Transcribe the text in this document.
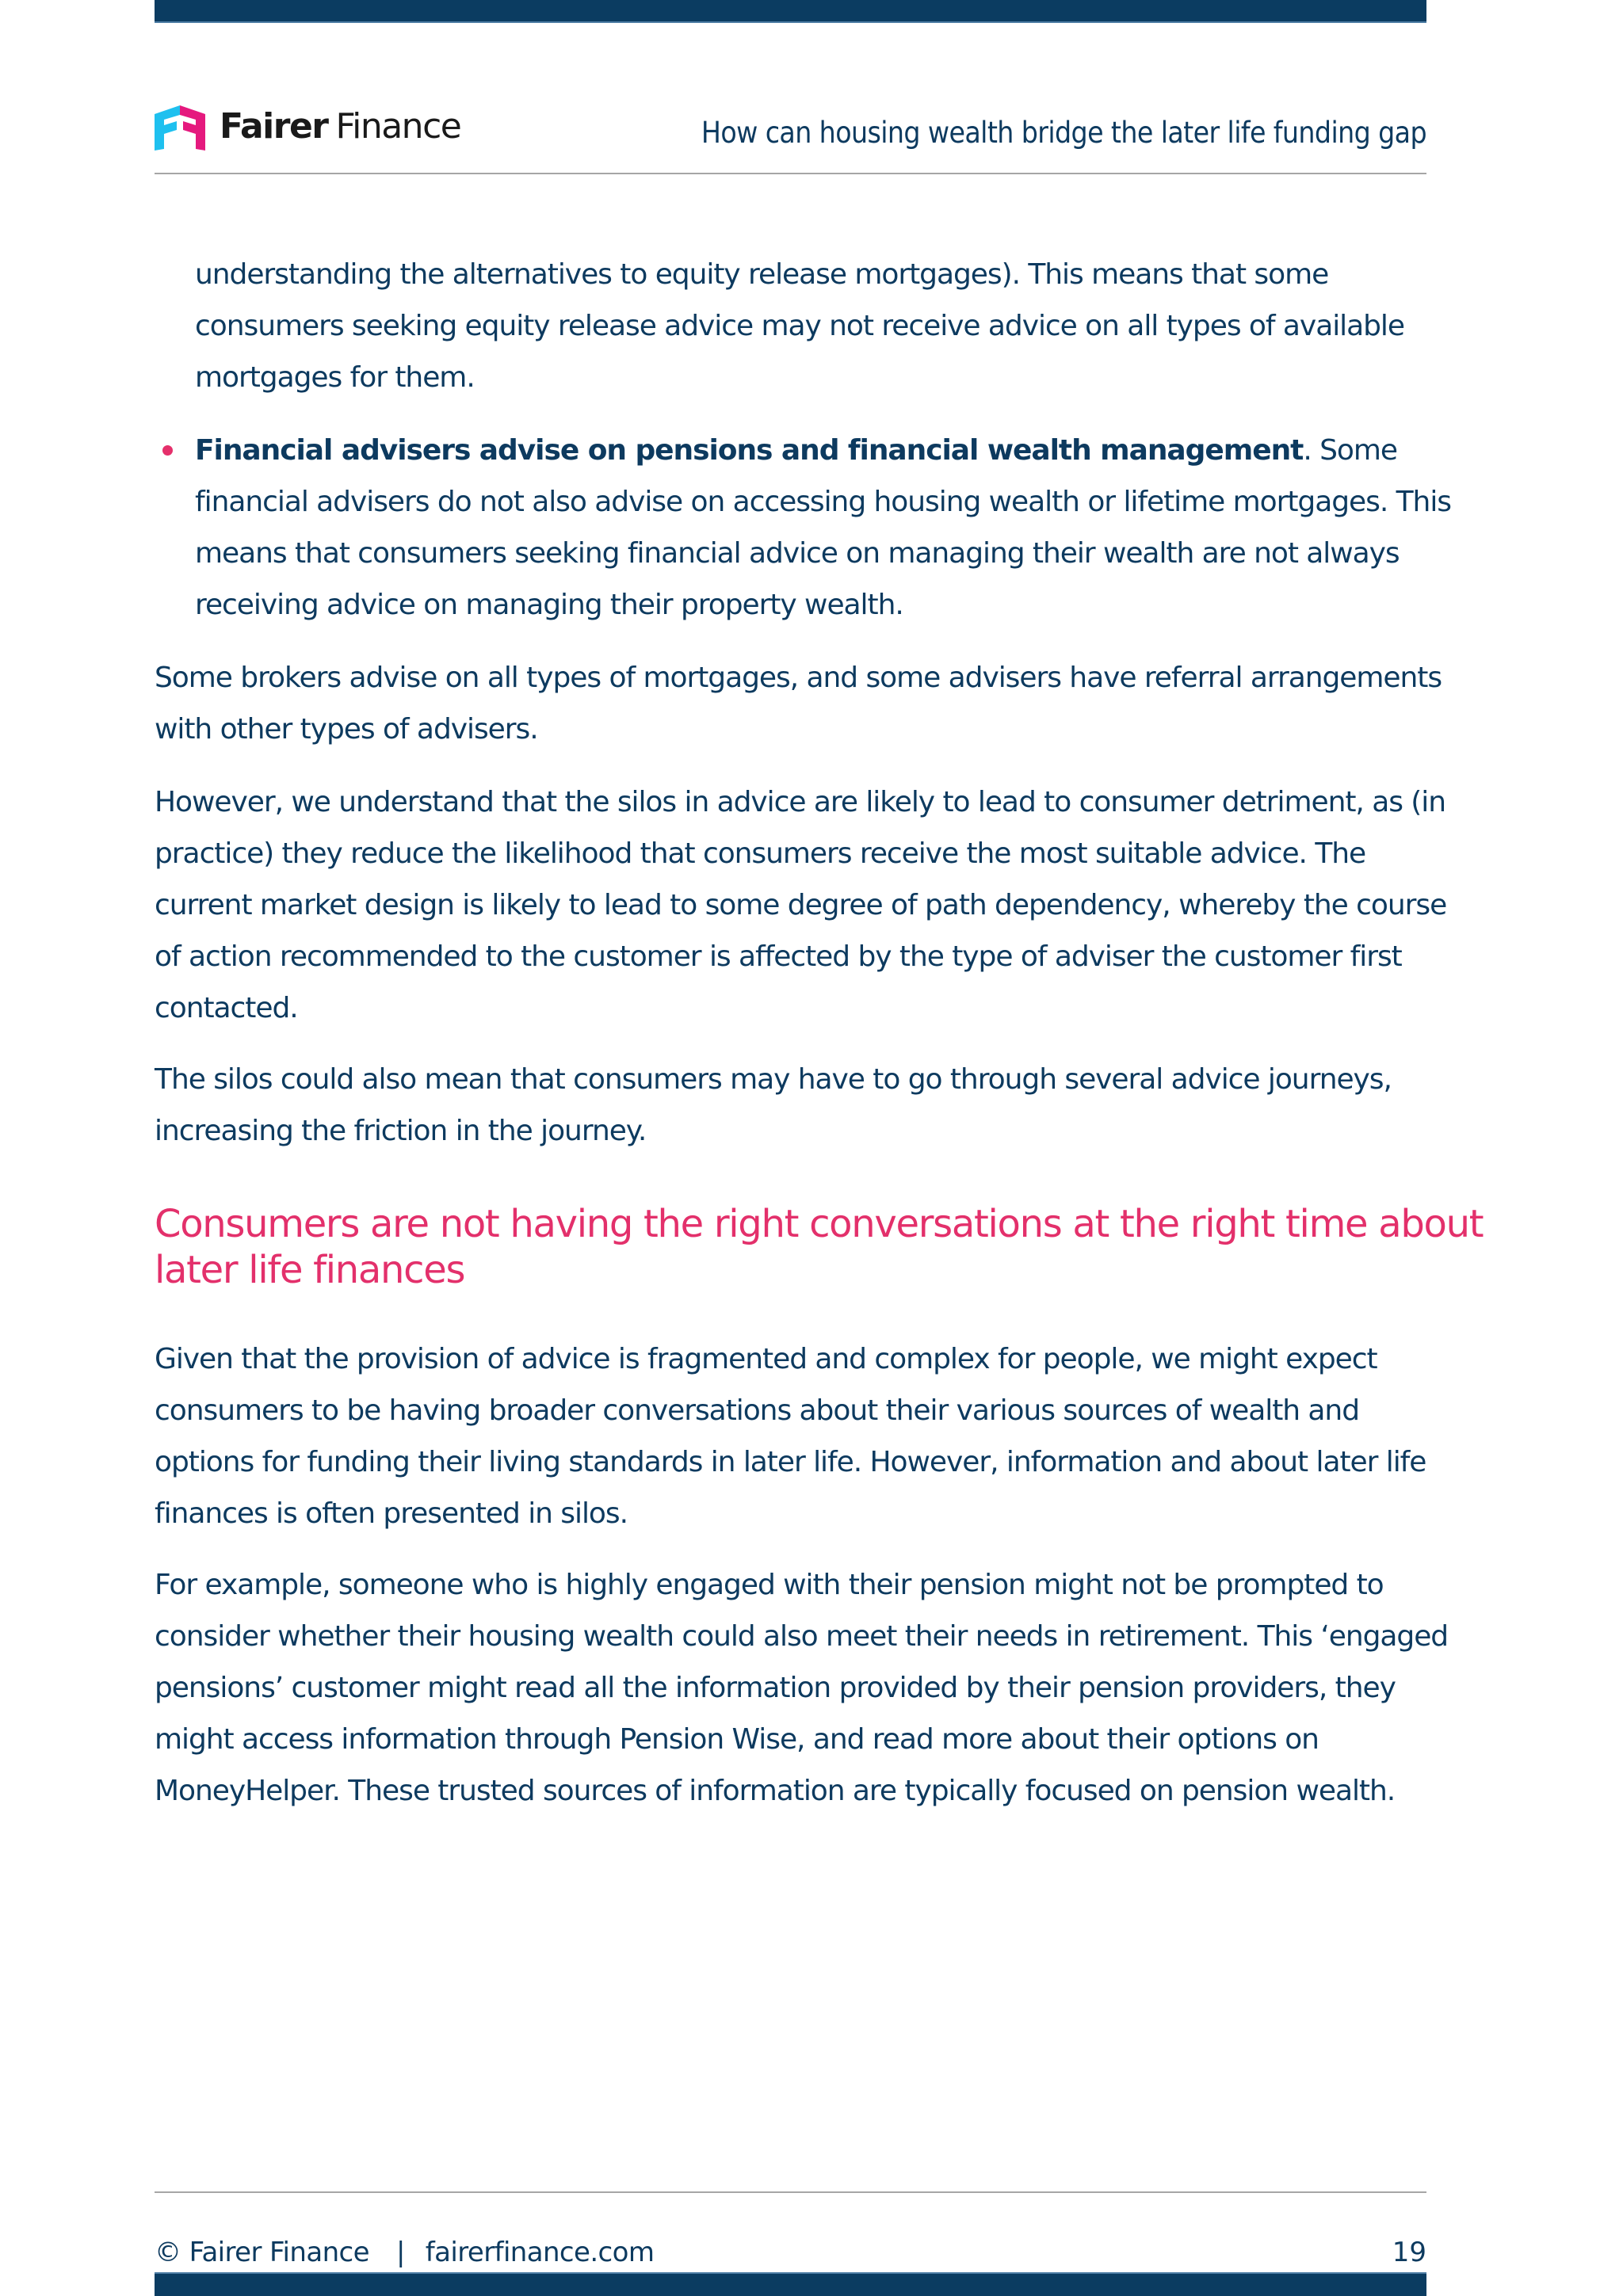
Fairer Finance	How can housing wealth bridge the later life funding gap
understanding the alternatives to equity release mortgages). This means that some
consumers seeking equity release advice may not receive advice on all types of available
mortgages for them.
Financial advisers advise on pensions and financial wealth management. Some
financial advisers do not also advise on accessing housing wealth or lifetime mortgages. This
means that consumers seeking financial advice on managing their wealth are not always
receiving advice on managing their property wealth.
Some brokers advise on all types of mortgages, and some advisers have referral arrangements
with other types of advisers.
However, we understand that the silos in advice are likely to lead to consumer detriment, as (in
practice) they reduce the likelihood that consumers receive the most suitable advice. The
current market design is likely to lead to some degree of path dependency, whereby the course
of action recommended to the customer is affected by the type of adviser the customer first
contacted.
The silos could also mean that consumers may have to go through several advice journeys,
increasing the friction in the journey.
Consumers are not having the right conversations at the right time about
later life finances
Given that the provision of advice is fragmented and complex for people, we might expect
consumers to be having broader conversations about their various sources of wealth and
options for funding their living standards in later life. However, information and about later life
finances is often presented in silos.
For example, someone who is highly engaged with their pension might not be prompted to
consider whether their housing wealth could also meet their needs in retirement. This ‘engaged
pensions’ customer might read all the information provided by their pension providers, they
might access information through Pension Wise, and read more about their options on
MoneyHelper. These trusted sources of information are typically focused on pension wealth.
© Fairer Finance | fairerfinance.com	19
